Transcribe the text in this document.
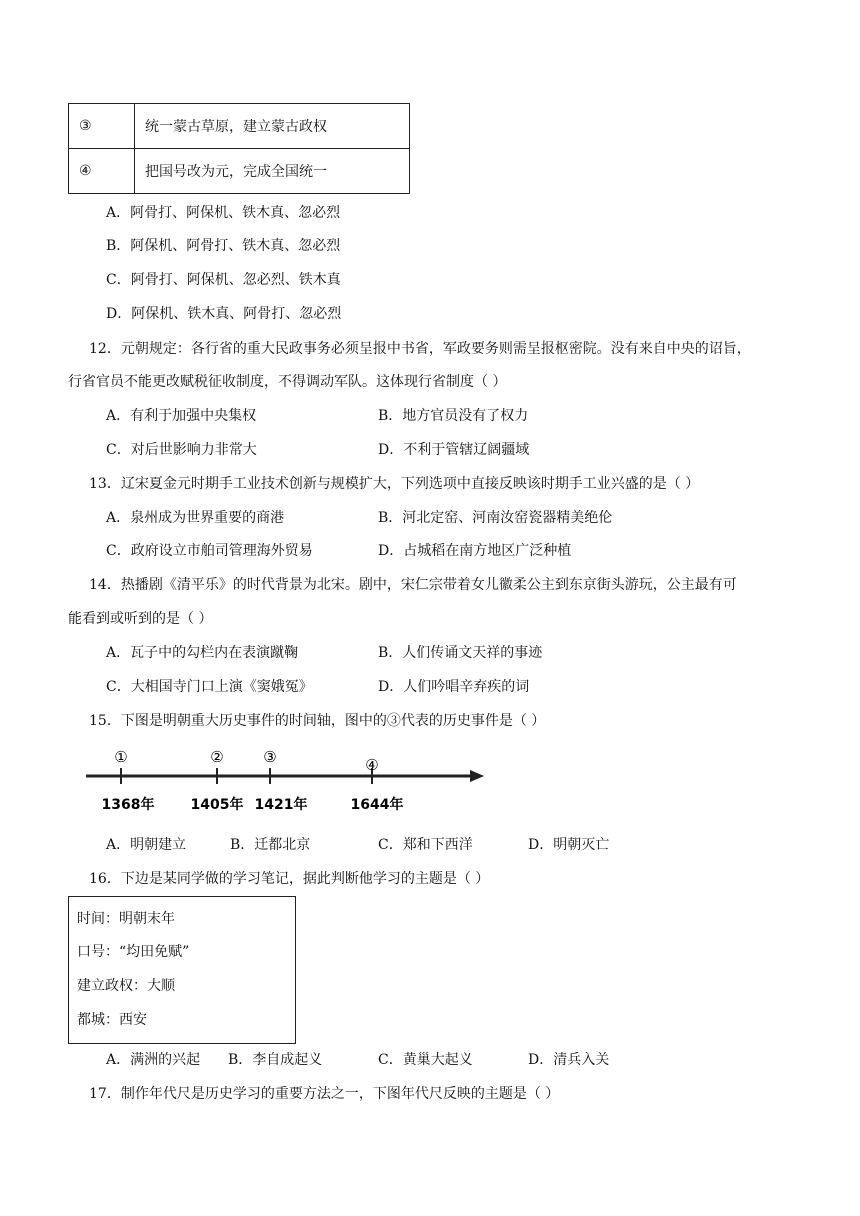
③	统一蒙古草原，建立蒙古政权
④	把国号改为元，完成全国统一
A．阿骨打、阿保机、铁木真、忽必烈
B．阿保机、阿骨打、铁木真、忽必烈
C．阿骨打、阿保机、忽必烈、铁木真
D．阿保机、铁木真、阿骨打、忽必烈
12．元朝规定：各行省的重大民政事务必须呈报中书省，军政要务则需呈报枢密院。没有来自中央的诏旨，
行省官员不能更改赋税征收制度，不得调动军队。这体现行省制度（ ）
A．有利于加强中央集权	B．地方官员没有了权力
C．对后世影响力非常大	D．不利于管辖辽阔疆域
13．辽宋夏金元时期手工业技术创新与规模扩大，下列选项中直接反映该时期手工业兴盛的是（ ）
A．泉州成为世界重要的商港	B．河北定窑、河南汝窑瓷器精美绝伦
C．政府设立市舶司管理海外贸易	D．占城稻在南方地区广泛种植
14．热播剧《清平乐》的时代背景为北宋。剧中，宋仁宗带着女儿徽柔公主到东京街头游玩，公主最有可
能看到或听到的是（ ）
A．瓦子中的勾栏内在表演蹴鞠	B．人们传诵文天祥的事迹
C．大相国寺门口上演《窦娥冤》	D．人们吟唱辛弃疾的词
15．下图是明朝重大历史事件的时间轴，图中的③代表的历史事件是（ ）
①	②	③	④
1368年	1405年 1421年	1644年
A．明朝建立	B．迁都北京	C．郑和下西洋	D．明朝灭亡
16．下边是某同学做的学习笔记，据此判断他学习的主题是（ ）
时间：明朝末年
口号：“均田免赋”
建立政权：大顺
都城：西安
A．满洲的兴起 B．李自成起义	C．黄巢大起义	D．清兵入关
17．制作年代尺是历史学习的重要方法之一，下图年代尺反映的主题是（ ）
